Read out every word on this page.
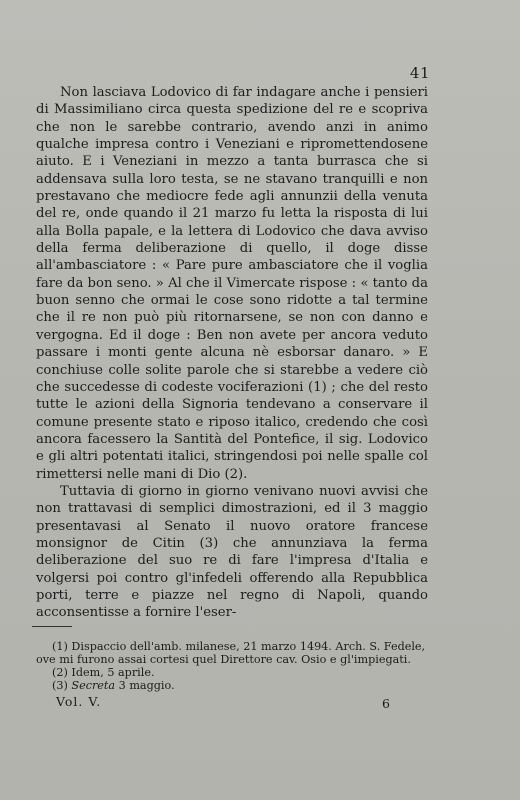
41

Non lasciava Lodovico di far indagare anche i pensieri di Massimiliano circa questa spedizione del re e scopriva che non le sarebbe contrario, avendo anzi in animo qualche impresa contro i Veneziani e ripromettendosene aiuto. E i Veneziani in mezzo a tanta burrasca che si addensava sulla loro testa, se ne stavano tranquilli e non prestavano che mediocre fede agli annunzii della venuta del re, onde quando il 21 marzo fu letta la risposta di lui alla Bolla papale, e la lettera di Lodovico che dava avviso della ferma deliberazione di quello, il doge disse all'ambasciatore : « Pare pure ambasciatore che il voglia fare da bon seno. » Al che il Vimercate rispose : « tanto da buon senno che ormai le cose sono ridotte a tal termine che il re non può più ritornarsene, se non con danno e vergogna. Ed il doge : Ben non avete per ancora veduto passare i monti gente alcuna nè esborsar danaro. » E conchiuse colle solite parole che si starebbe a vedere ciò che succedesse di codeste vociferazioni (1) ; che del resto tutte le azioni della Signoria tendevano a conservare il comune presente stato e riposo italico, credendo che così ancora facessero la Santità del Pontefice, il sig. Lodovico e gli altri potentati italici, stringendosi poi nelle spalle col rimettersi nelle mani di Dio (2).

Tuttavia di giorno in giorno venivano nuovi avvisi che non trattavasi di semplici dimostrazioni, ed il 3 maggio presentavasi al Senato il nuovo oratore francese monsignor de Citin (3) che annunziava la ferma deliberazione del suo re di fare l'impresa d'Italia e volgersi poi contro gl'infedeli offerendo alla Repubblica porti, terre e piazze nel regno di Napoli, quando acconsentisse a fornire l'eser-

(1) Dispaccio dell'amb. milanese, 21 marzo 1494. Arch. S. Fedele,
ove mi furono assai cortesi quel Direttore cav. Osio e gl'impiegati.
(2) Idem, 5 aprile.
(3) Secreta 3 maggio.
Vol. V.	6
